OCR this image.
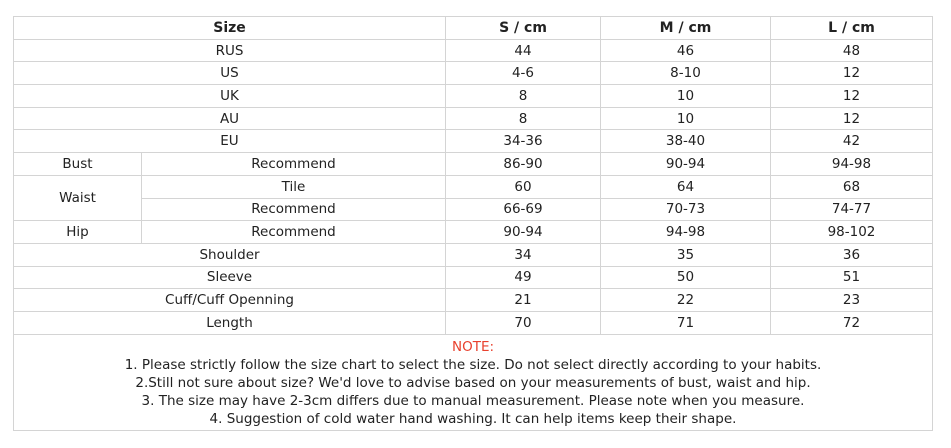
Size		S / cm	M / cm	L / cm
RUS		44	46	48
US		4-6	8-10	12
UK		8	10	12
AU		8	10	12
EU		34-36	38-40	42
Bust	Recommend	86-90	90-94	94-98
Waist	Tile	60	64	68
	Recommend	66-69	70-73	74-77
Hip	Recommend	90-94	94-98	98-102
Shoulder		34	35	36
Sleeve		49	50	51
Cuff/Cuff Openning		21	22	23
Length		70	71	72

NOTE:
1. Please strictly follow the size chart to select the size. Do not select directly according to your habits.
2.Still not sure about size? We'd love to advise based on your measurements of bust, waist and hip.
3. The size may have 2-3cm differs due to manual measurement. Please note when you measure.
4. Suggestion of cold water hand washing. It can help items keep their shape.				
